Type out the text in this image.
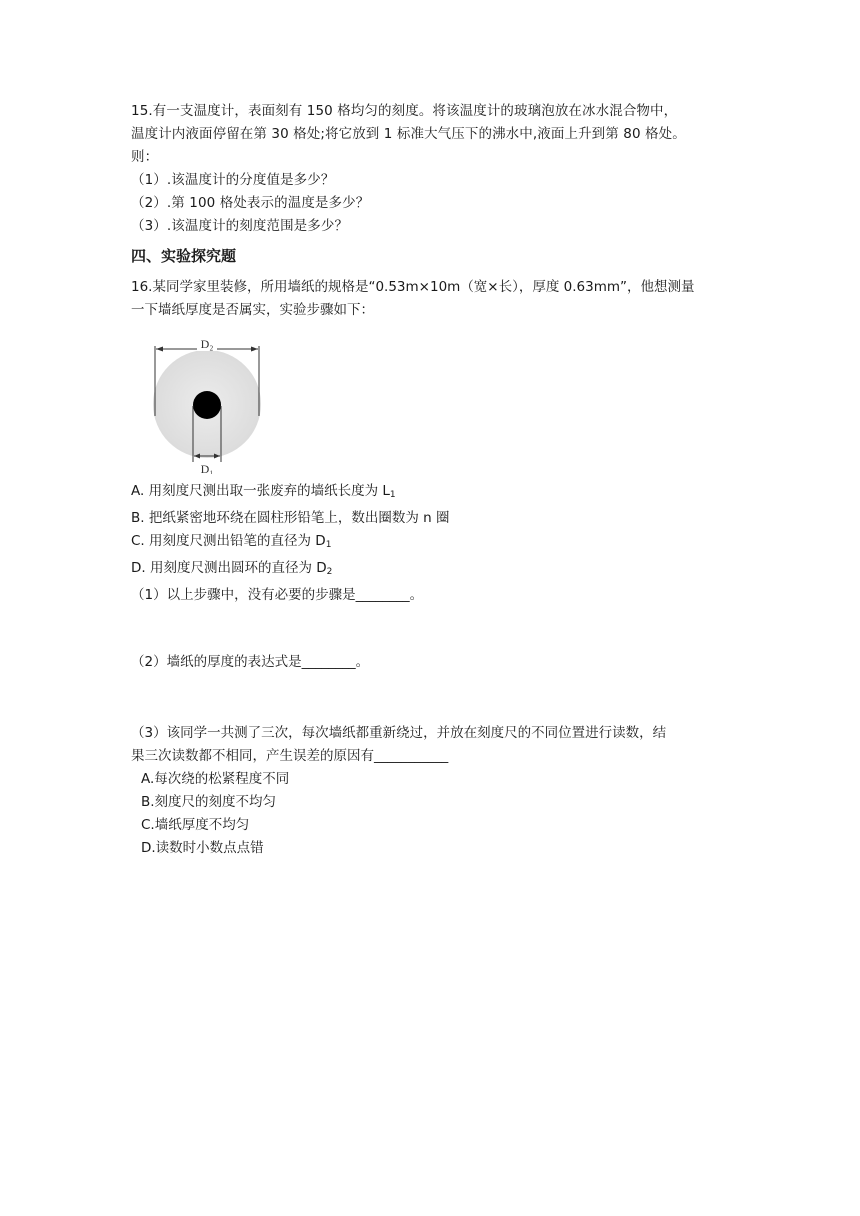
15.有一支温度计，表面刻有 150 格均匀的刻度。将该温度计的玻璃泡放在冰水混合物中，
温度计内液面停留在第 30 格处;将它放到 1 标准大气压下的沸水中,液面上升到第 80 格处。
则：
（1）.该温度计的分度值是多少？
（2）.第 100 格处表示的温度是多少？
（3）.该温度计的刻度范围是多少？
四、实验探究题
16.某同学家里装修，所用墙纸的规格是“0.53m×10m（宽×长），厚度 0.63mm”，他想测量
一下墙纸厚度是否属实，实验步骤如下：
D₂
D₁
A. 用刻度尺测出取一张废弃的墙纸长度为 $L_1$
B. 把纸紧密地环绕在圆柱形铅笔上，数出圈数为 n 圈
C. 用刻度尺测出铅笔的直径为 $D_1$
D. 用刻度尺测出圆环的直径为 $D_2$
（1）以上步骤中，没有必要的步骤是________。
（2）墙纸的厚度的表达式是________。
（3）该同学一共测了三次，每次墙纸都重新绕过，并放在刻度尺的不同位置进行读数，结
果三次读数都不相同，产生误差的原因有___________
A.每次绕的松紧程度不同
B.刻度尺的刻度不均匀
C.墙纸厚度不均匀
D.读数时小数点点错
